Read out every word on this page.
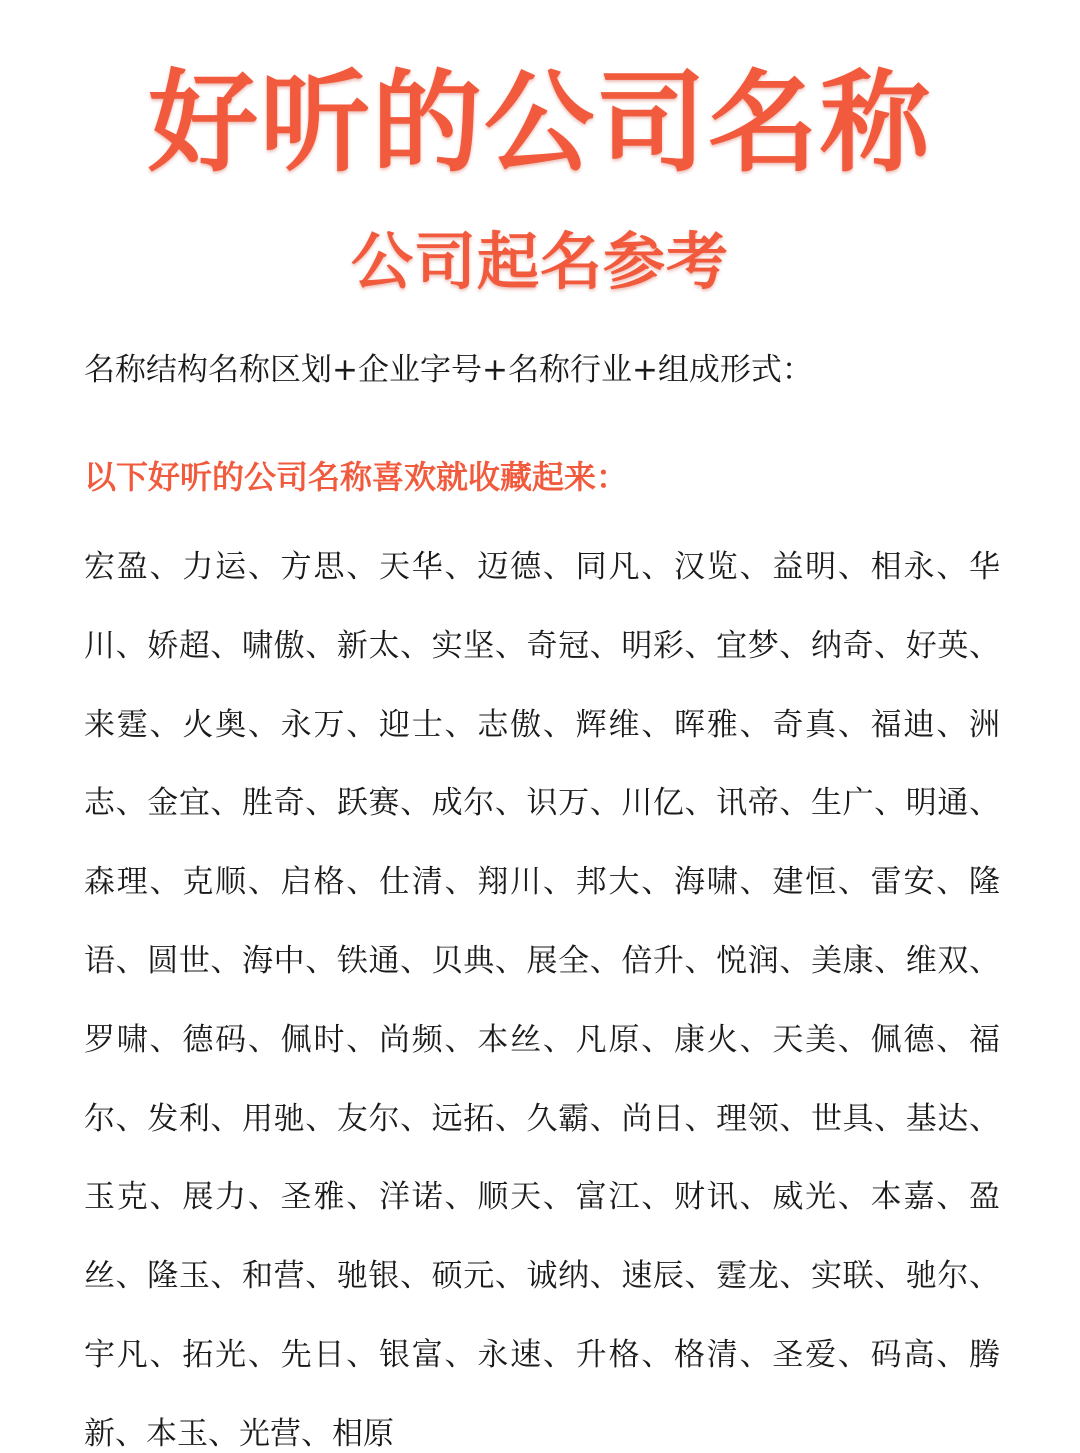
好听的公司名称
公司起名参考

名称结构名称区划+企业字号+名称行业+组成形式：

以下好听的公司名称喜欢就收藏起来：

宏盈、力运、方思、天华、迈德、同凡、汉览、益明、相永、华川、娇超、啸傲、新太、实坚、奇冠、明彩、宜梦、纳奇、好英、来霆、火奥、永万、迎士、志傲、辉维、晖雅、奇真、福迪、洲志、金宜、胜奇、跃赛、成尔、识万、川亿、讯帝、生广、明通、森理、克顺、启格、仕清、翔川、邦大、海啸、建恒、雷安、隆语、圆世、海中、铁通、贝典、展全、倍升、悦润、美康、维双、罗啸、德码、佩时、尚频、本丝、凡原、康火、天美、佩德、福尔、发利、用驰、友尔、远拓、久霸、尚日、理领、世具、基达、玉克、展力、圣雅、洋诺、顺天、富江、财讯、威光、本嘉、盈丝、隆玉、和营、驰银、硕元、诚纳、速辰、霆龙、实联、驰尔、宇凡、拓光、先日、银富、永速、升格、格清、圣爱、码高、腾新、本玉、光营、相原
